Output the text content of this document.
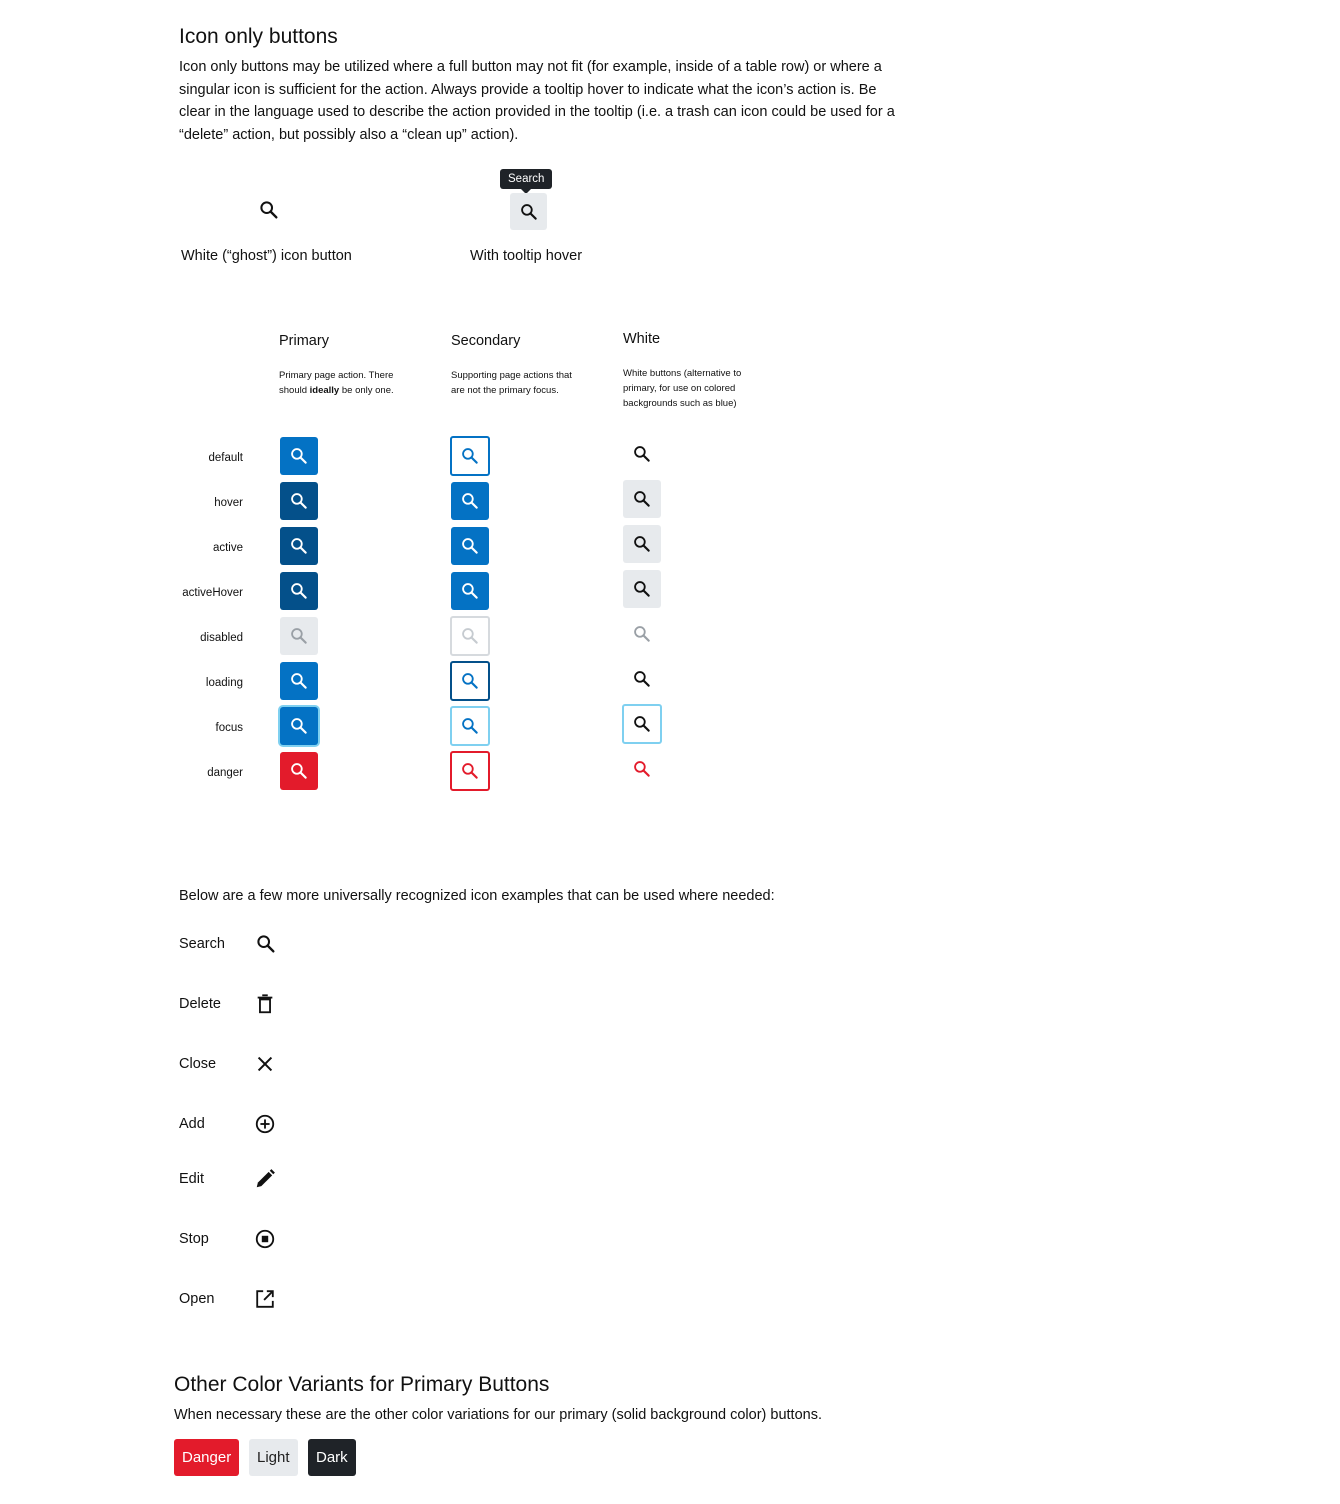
Icon only buttons
Icon only buttons may be utilized where a full button may not fit (for example, inside of a table row) or where a singular icon is sufficient for the action. Always provide a tooltip hover to indicate what the icon’s action is. Be clear in the language used to describe the action provided in the tooltip (i.e. a trash can icon could be used for a “delete” action, but possibly also a “clean up” action).
White (“ghost”) icon button
Search
With tooltip hover
Primary
Primary page action. There should ideally be only one.
Secondary
Supporting page actions that are not the primary focus.
White
White buttons (alternative to primary, for use on colored backgrounds such as blue)
default
hover
active
activeHover
disabled
loading
focus
danger
Below are a few more universally recognized icon examples that can be used where needed:
Search
Delete
Close
Add
Edit
Stop
Open
Other Color Variants for Primary Buttons
When necessary these are the other color variations for our primary (solid background color) buttons.
Danger	Light	Dark
